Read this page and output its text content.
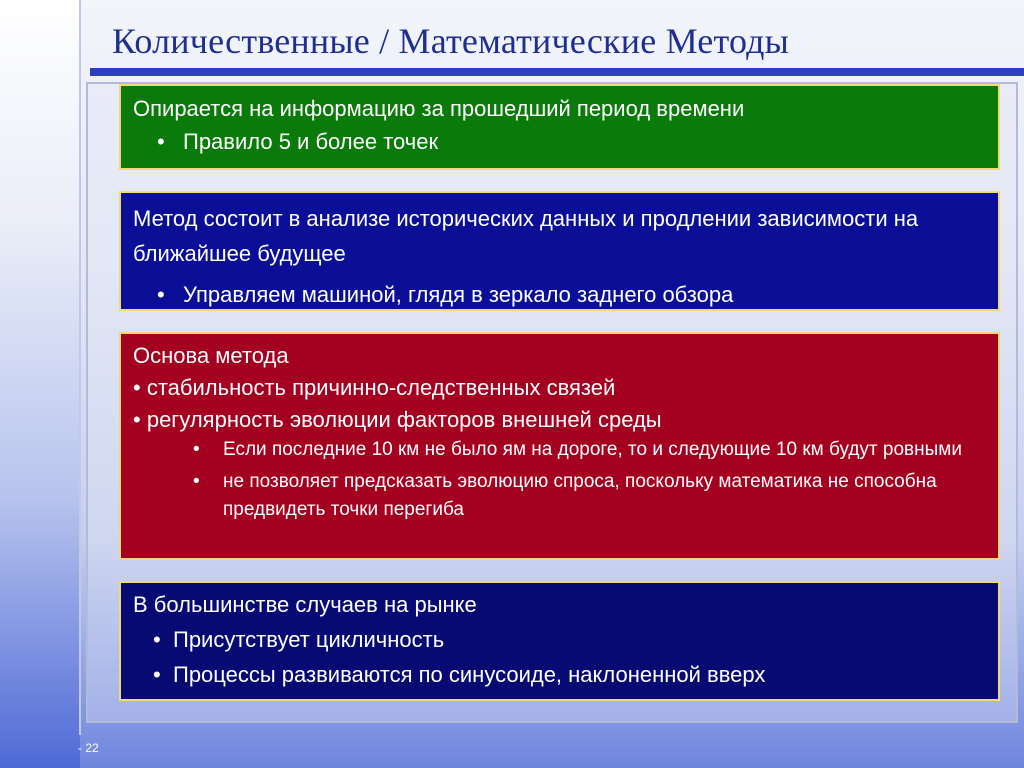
Количественные / Математические Методы
Опирается на информацию за прошедший период времени
• Правило 5 и более точек
Метод состоит в анализе исторических данных и продлении зависимости на ближайшее будущее
• Управляем машиной, глядя в зеркало заднего обзора
Основа метода
• стабильность причинно-следственных связей
• регулярность эволюции факторов внешней среды
•	Если последние 10 км не было ям на дороге, то и следующие 10 км будут ровными
•	не позволяет предсказать эволюцию спроса, поскольку математика не способна предвидеть точки перегиба
В большинстве случаев на рынке
• Присутствует цикличность
• Процессы развиваются по синусоиде, наклоненной вверх
- 22
